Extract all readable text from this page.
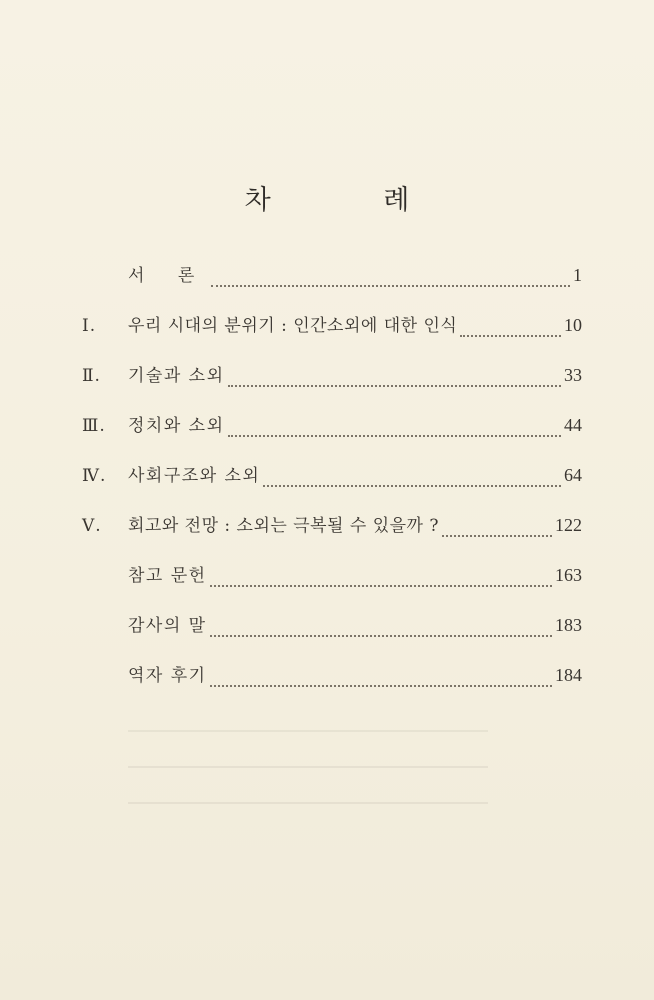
차 례
서 론	1
Ⅰ.	우리 시대의 분위기 : 인간소외에 대한 인식	10
Ⅱ.	기술과 소외	33
Ⅲ.	정치와 소외	44
Ⅳ.	사회구조와 소외	64
Ⅴ.	회고와 전망 : 소외는 극복될 수 있을까 ?	122
참고 문헌	163
감사의 말	183
역자 후기	184
